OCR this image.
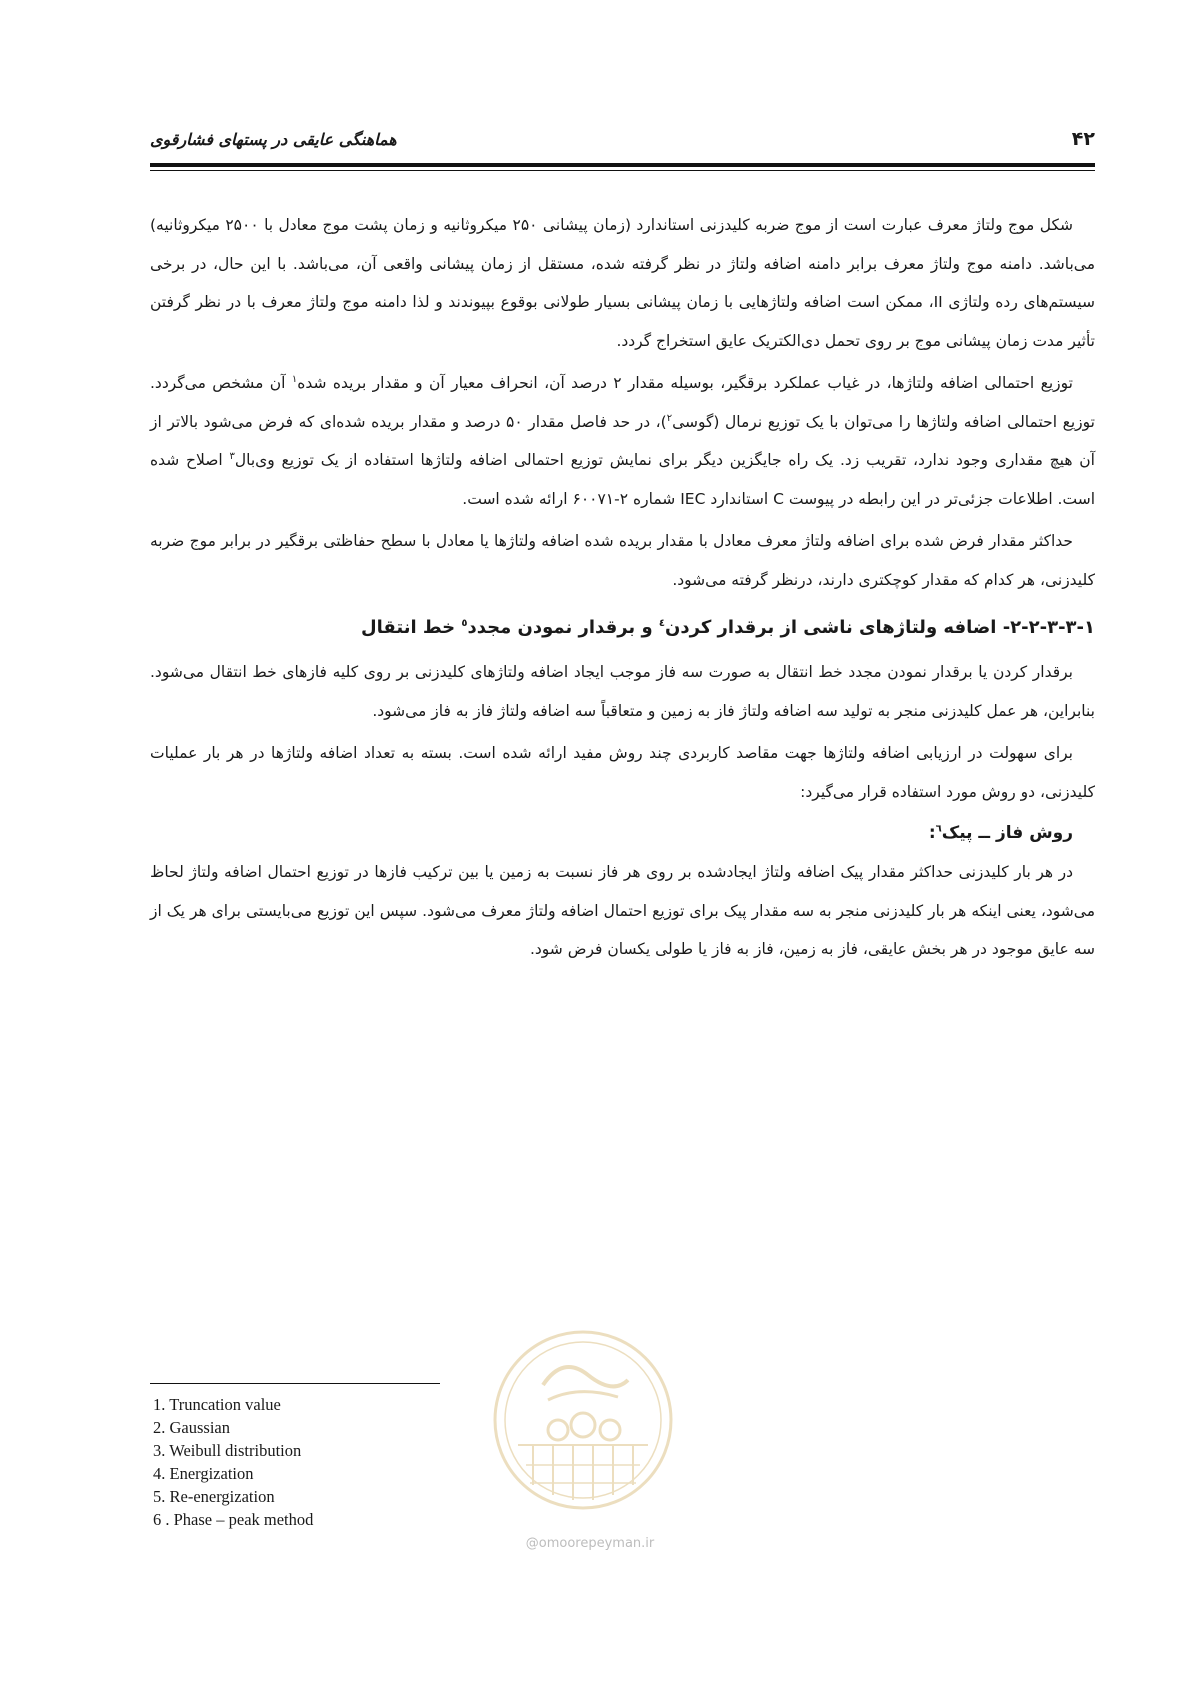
۴۲
هماهنگی عایقی در پستهای فشارقوی

شکل موج ولتاژ معرف عبارت است از موج ضربه کلیدزنی استاندارد (زمان پیشانی ۲۵۰ میکروثانیه و زمان پشت موج معادل با ۲۵۰۰ میکروثانیه) می‌باشد. دامنه موج ولتاژ معرف برابر دامنه اضافه ولتاژ در نظر گرفته شده، مستقل از زمان پیشانی واقعی آن، می‌باشد. با این حال، در برخی سیستم‌های رده ولتاژی II، ممکن است اضافه ولتاژهایی با زمان پیشانی بسیار طولانی بوقوع بپیوندند و لذا دامنه موج ولتاژ معرف با در نظر گرفتن تأثیر مدت زمان پیشانی موج بر روی تحمل دی‌الکتریک عایق استخراج گردد.

توزیع احتمالی اضافه ولتاژها، در غیاب عملکرد برقگیر، بوسیله مقدار ۲ درصد آن، انحراف معیار آن و مقدار بریده شده$^۱$ آن مشخص می‌گردد. توزیع احتمالی اضافه ولتاژها را می‌توان با یک توزیع نرمال (گوسی$^۲$)، در حد فاصل مقدار ۵۰ درصد و مقدار بریده شده‌ای که فرض می‌شود بالاتر از آن هیچ مقداری وجود ندارد، تقریب زد. یک راه جایگزین دیگر برای نمایش توزیع احتمالی اضافه ولتاژها استفاده از یک توزیع وی‌بال$^۳$ اصلاح شده است. اطلاعات جزئی‌تر در این رابطه در پیوست C استاندارد IEC شماره ۲-۶۰۰۷۱ ارائه شده است.

حداکثر مقدار فرض شده برای اضافه ولتاژ معرف معادل با مقدار بریده شده اضافه ولتاژها یا معادل با سطح حفاظتی برقگیر در برابر موج ضربه کلیدزنی، هر کدام که مقدار کوچکتری دارند، درنظر گرفته می‌شود.

۲-۲-۳-۳-۱- اضافه ولتاژهای ناشی از برقدار کردن$^٤$ و برقدار نمودن مجدد$^٥$ خط انتقال

برقدار کردن یا برقدار نمودن مجدد خط انتقال به صورت سه فاز موجب ایجاد اضافه ولتاژهای کلیدزنی بر روی کلیه فازهای خط انتقال می‌شود. بنابراین، هر عمل کلیدزنی منجر به تولید سه اضافه ولتاژ فاز به زمین و متعاقباً سه اضافه ولتاژ فاز به فاز می‌شود.

برای سهولت در ارزیابی اضافه ولتاژها جهت مقاصد کاربردی چند روش مفید ارائه شده است. بسته به تعداد اضافه ولتاژها در هر بار عملیات کلیدزنی، دو روش مورد استفاده قرار می‌گیرد:

روش فاز ــ پیک$^٦$:

در هر بار کلیدزنی حداکثر مقدار پیک اضافه ولتاژ ایجادشده بر روی هر فاز نسبت به زمین یا بین ترکیب فازها در توزیع احتمال اضافه ولتاژ لحاظ می‌شود، یعنی اینکه هر بار کلیدزنی منجر به سه مقدار پیک برای توزیع احتمال اضافه ولتاژ معرف می‌شود. سپس این توزیع می‌بایستی برای هر یک از سه عایق موجود در هر بخش عایقی، فاز به زمین، فاز به فاز یا طولی یکسان فرض شود.

1. Truncation value
2. Gaussian
3. Weibull distribution
4. Energization
5. Re-energization
6 . Phase – peak method
@omoorepeyman.ir
